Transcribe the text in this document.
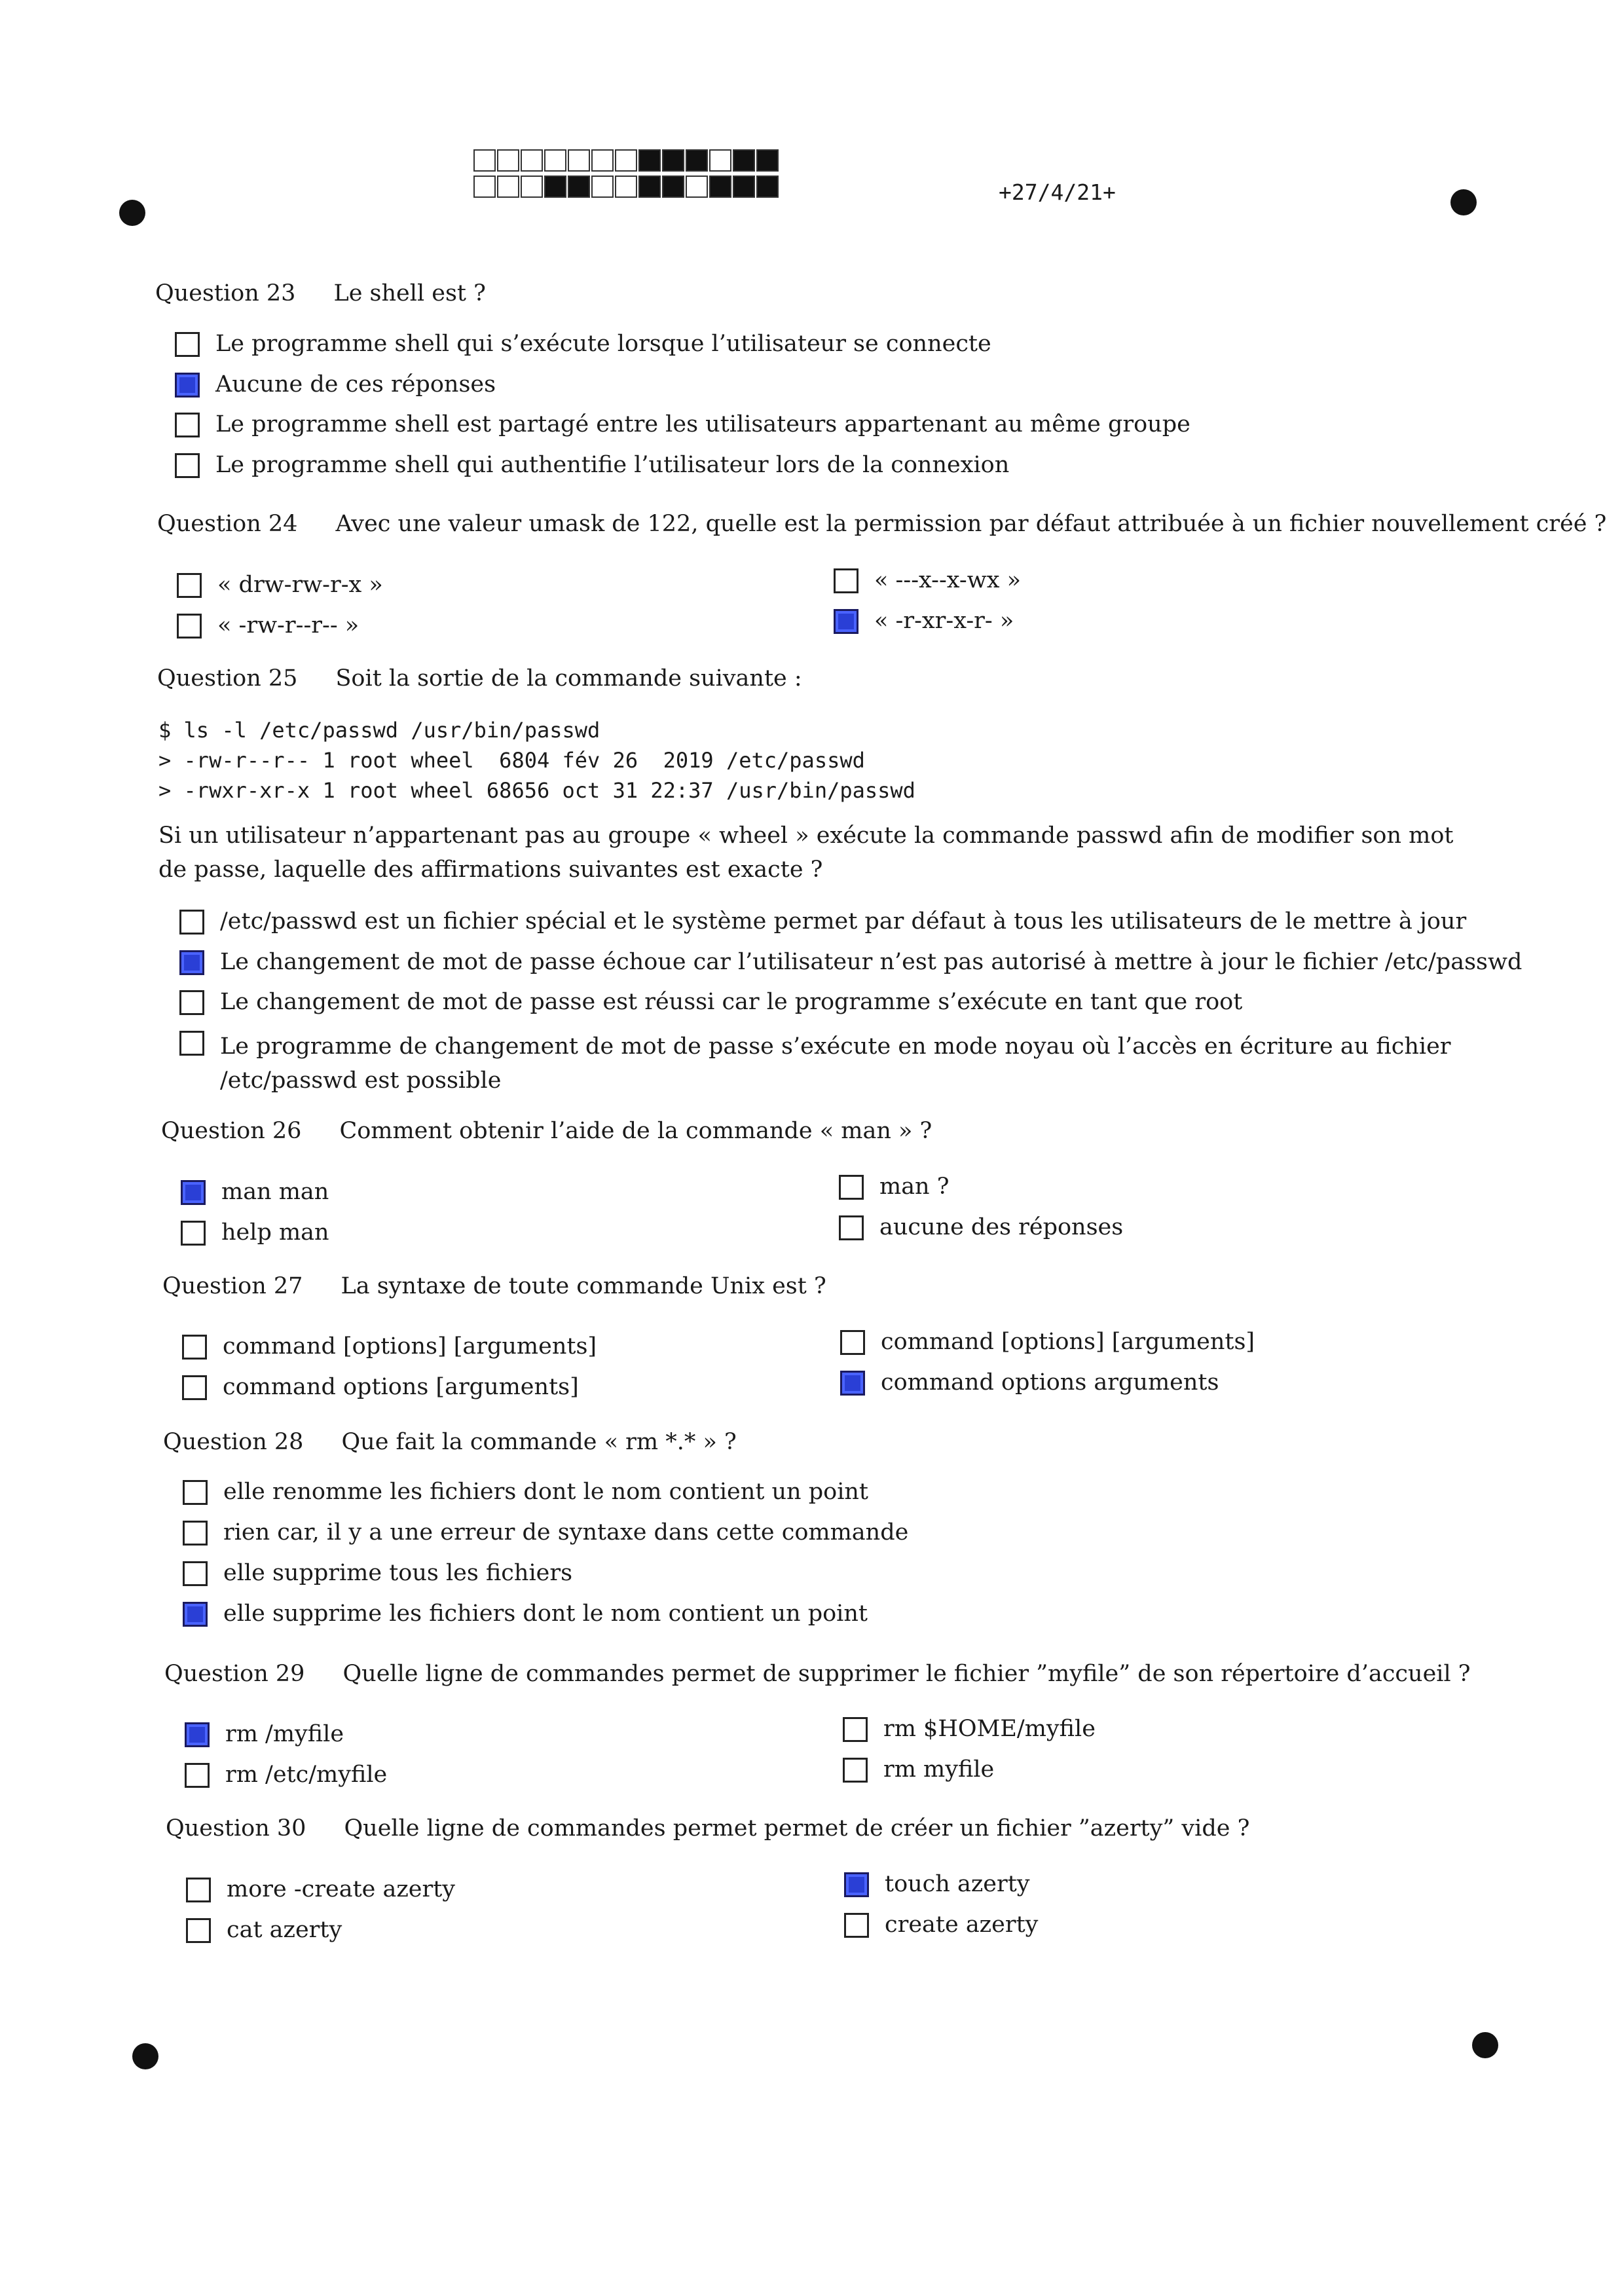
+27/4/21+
Question 23 Le shell est ?
Le programme shell qui s’exécute lorsque l’utilisateur se connecte
Aucune de ces réponses
Le programme shell est partagé entre les utilisateurs appartenant au même groupe
Le programme shell qui authentifie l’utilisateur lors de la connexion
Question 24 Avec une valeur umask de 122, quelle est la permission par défaut attribuée à un fichier nouvellement créé ?
« drw-rw-r-x »
« -rw-r--r-- »
« ---x--x-wx »
« -r-xr-x-r- »
Question 25 Soit la sortie de la commande suivante :
$ ls -l /etc/passwd /usr/bin/passwd
> -rw-r--r-- 1 root wheel  6804 fév 26  2019 /etc/passwd
> -rwxr-xr-x 1 root wheel 68656 oct 31 22:37 /usr/bin/passwd
Si un utilisateur n’appartenant pas au groupe « wheel » exécute la commande passwd afin de modifier son mot de passe, laquelle des affirmations suivantes est exacte ?
/etc/passwd est un fichier spécial et le système permet par défaut à tous les utilisateurs de le mettre à jour
Le changement de mot de passe échoue car l’utilisateur n’est pas autorisé à mettre à jour le fichier /etc/passwd
Le changement de mot de passe est réussi car le programme s’exécute en tant que root
Le programme de changement de mot de passe s’exécute en mode noyau où l’accès en écriture au fichier /etc/passwd est possible
Question 26 Comment obtenir l’aide de la commande « man » ?
man man
help man
man ?
aucune des réponses
Question 27 La syntaxe de toute commande Unix est ?
command [options] [arguments]
command options [arguments]
command [options] [arguments]
command options arguments
Question 28 Que fait la commande « rm *.* » ?
elle renomme les fichiers dont le nom contient un point
rien car, il y a une erreur de syntaxe dans cette commande
elle supprime tous les fichiers
elle supprime les fichiers dont le nom contient un point
Question 29 Quelle ligne de commandes permet de supprimer le fichier ”myfile” de son répertoire d’accueil ?
rm /myfile
rm /etc/myfile
rm $HOME/myfile
rm myfile
Question 30 Quelle ligne de commandes permet permet de créer un fichier ”azerty” vide ?
more -create azerty
cat azerty
touch azerty
create azerty
